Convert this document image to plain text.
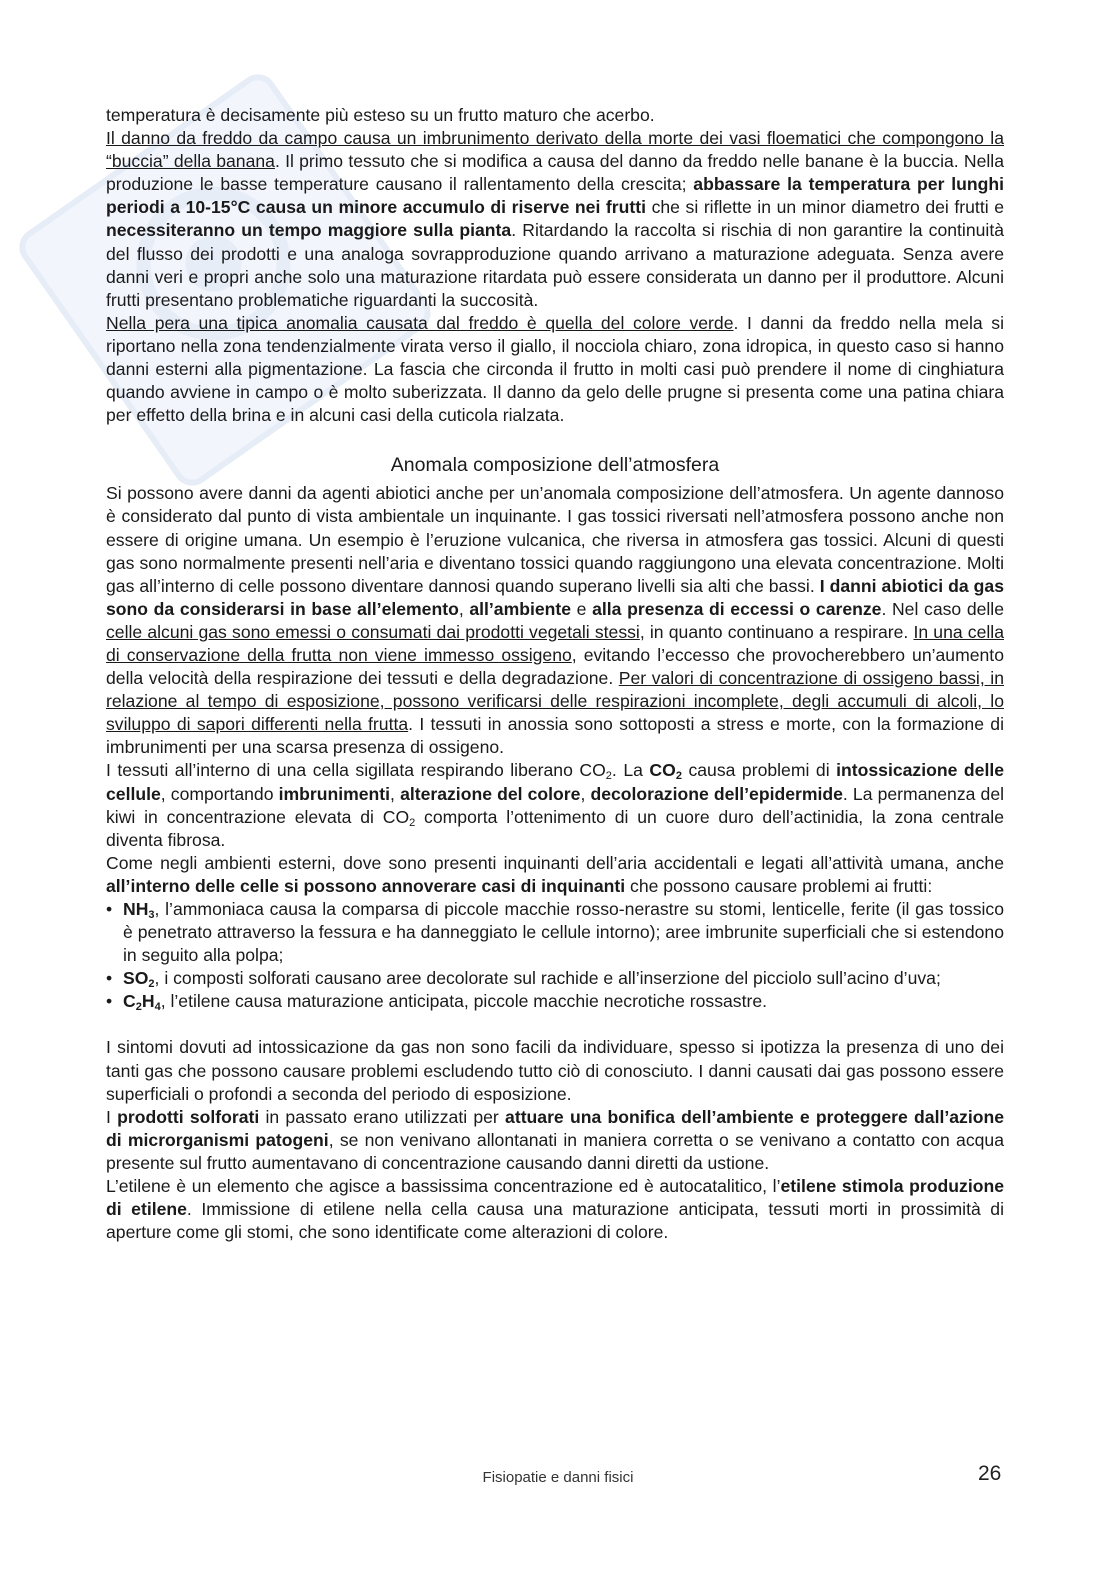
temperatura è decisamente più esteso su un frutto maturo che acerbo.

Il danno da freddo da campo causa un imbrunimento derivato della morte dei vasi floematici che compongono la “buccia” della banana. Il primo tessuto che si modifica a causa del danno da freddo nelle banane è la buccia. Nella produzione le basse temperature causano il rallentamento della crescita; abbassare la temperatura per lunghi periodi a 10-15°C causa un minore accumulo di riserve nei frutti che si riflette in un minor diametro dei frutti e necessiteranno un tempo maggiore sulla pianta. Ritardando la raccolta si rischia di non garantire la continuità del flusso dei prodotti e una analoga sovrapproduzione quando arrivano a maturazione adeguata. Senza avere danni veri e propri anche solo una maturazione ritardata può essere considerata un danno per il produttore. Alcuni frutti presentano problematiche riguardanti la succosità.

Nella pera una tipica anomalia causata dal freddo è quella del colore verde. I danni da freddo nella mela si riportano nella zona tendenzialmente virata verso il giallo, il nocciola chiaro, zona idropica, in questo caso si hanno danni esterni alla pigmentazione. La fascia che circonda il frutto in molti casi può prendere il nome di cinghiatura quando avviene in campo o è molto suberizzata. Il danno da gelo delle prugne si presenta come una patina chiara per effetto della brina e in alcuni casi della cuticola rialzata.

Anomala composizione dell’atmosfera

Si possono avere danni da agenti abiotici anche per un’anomala composizione dell’atmosfera. Un agente dannoso è considerato dal punto di vista ambientale un inquinante. I gas tossici riversati nell’atmosfera possono anche non essere di origine umana. Un esempio è l’eruzione vulcanica, che riversa in atmosfera gas tossici. Alcuni di questi gas sono normalmente presenti nell’aria e diventano tossici quando raggiungono una elevata concentrazione. Molti gas all’interno di celle possono diventare dannosi quando superano livelli sia alti che bassi. I danni abiotici da gas sono da considerarsi in base all’elemento, all’ambiente e alla presenza di eccessi o carenze. Nel caso delle celle alcuni gas sono emessi o consumati dai prodotti vegetali stessi, in quanto continuano a respirare. In una cella di conservazione della frutta non viene immesso ossigeno, evitando l’eccesso che provocherebbero un’aumento della velocità della respirazione dei tessuti e della degradazione. Per valori di concentrazione di ossigeno bassi, in relazione al tempo di esposizione, possono verificarsi delle respirazioni incomplete, degli accumuli di alcoli, lo sviluppo di sapori differenti nella frutta. I tessuti in anossia sono sottoposti a stress e morte, con la formazione di imbrunimenti per una scarsa presenza di ossigeno.

I tessuti all’interno di una cella sigillata respirando liberano $CO_2$. La $CO_2$ causa problemi di intossicazione delle cellule, comportando imbrunimenti, alterazione del colore, decolorazione dell’epidermide. La permanenza del kiwi in concentrazione elevata di $CO_2$ comporta l’ottenimento di un cuore duro dell’actinidia, la zona centrale diventa fibrosa.

Come negli ambienti esterni, dove sono presenti inquinanti dell’aria accidentali e legati all’attività umana, anche all’interno delle celle si possono annoverare casi di inquinanti che possono causare problemi ai frutti:

• $NH_3$, l’ammoniaca causa la comparsa di piccole macchie rosso-nerastre su stomi, lenticelle, ferite (il gas tossico è penetrato attraverso la fessura e ha danneggiato le cellule intorno); aree imbrunite superficiali che si estendono in seguito alla polpa;
• $SO_2$, i composti solforati causano aree decolorate sul rachide e all’inserzione del picciolo sull’acino d’uva;
• $C_2H_4$, l’etilene causa maturazione anticipata, piccole macchie necrotiche rossastre.

I sintomi dovuti ad intossicazione da gas non sono facili da individuare, spesso si ipotizza la presenza di uno dei tanti gas che possono causare problemi escludendo tutto ciò di conosciuto. I danni causati dai gas possono essere superficiali o profondi a seconda del periodo di esposizione.

I prodotti solforati in passato erano utilizzati per attuare una bonifica dell’ambiente e proteggere dall’azione di microrganismi patogeni, se non venivano allontanati in maniera corretta o se venivano a contatto con acqua presente sul frutto aumentavano di concentrazione causando danni diretti da ustione.

L’etilene è un elemento che agisce a bassissima concentrazione ed è autocatalitico, l’etilene stimola produzione di etilene. Immissione di etilene nella cella causa una maturazione anticipata, tessuti morti in prossimità di aperture come gli stomi, che sono identificate come alterazioni di colore.

Fisiopatie e danni fisici	26
